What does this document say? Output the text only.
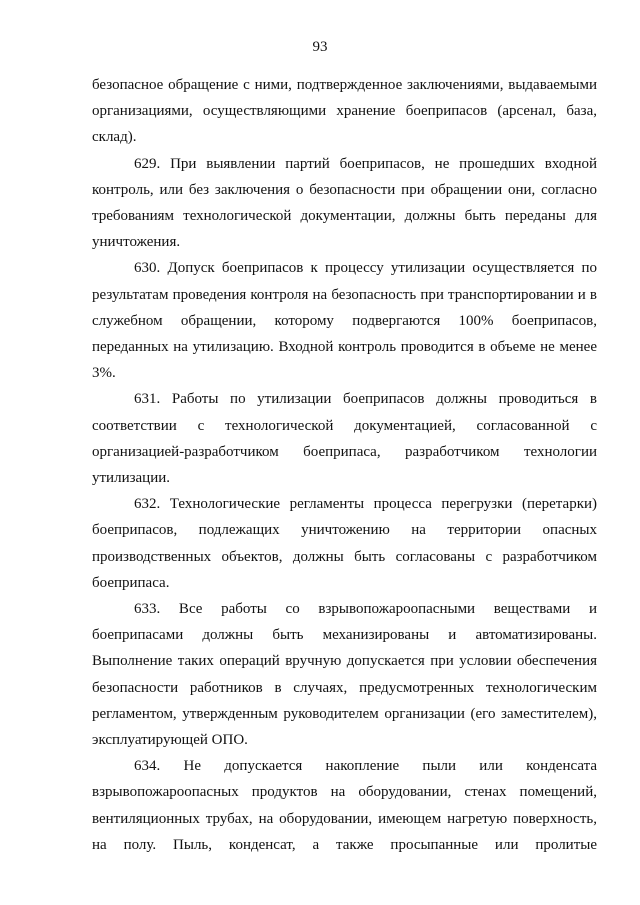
93

безопасное обращение с ними, подтвержденное заключениями, выдаваемыми организациями, осуществляющими хранение боеприпасов (арсенал, база, склад).

629. При выявлении партий боеприпасов, не прошедших входной контроль, или без заключения о безопасности при обращении они, согласно требованиям технологической документации, должны быть переданы для уничтожения.

630. Допуск боеприпасов к процессу утилизации осуществляется по результатам проведения контроля на безопасность при транспортировании и в служебном обращении, которому подвергаются 100% боеприпасов, переданных на утилизацию. Входной контроль проводится в объеме не менее 3%.

631. Работы по утилизации боеприпасов должны проводиться в соответствии с технологической документацией, согласованной с организацией-разработчиком боеприпаса, разработчиком технологии утилизации.

632. Технологические регламенты процесса перегрузки (перетарки) боеприпасов, подлежащих уничтожению на территории опасных производственных объектов, должны быть согласованы с разработчиком боеприпаса.

633. Все работы со взрывопожароопасными веществами и боеприпасами должны быть механизированы и автоматизированы. Выполнение таких операций вручную допускается при условии обеспечения безопасности работников в случаях, предусмотренных технологическим регламентом, утвержденным руководителем организации (его заместителем), эксплуатирующей ОПО.

634. Не допускается накопление пыли или конденсата взрывопожароопасных продуктов на оборудовании, стенах помещений, вентиляционных трубах, на оборудовании, имеющем нагретую поверхность, на полу. Пыль, конденсат, а также просыпанные или пролитые
